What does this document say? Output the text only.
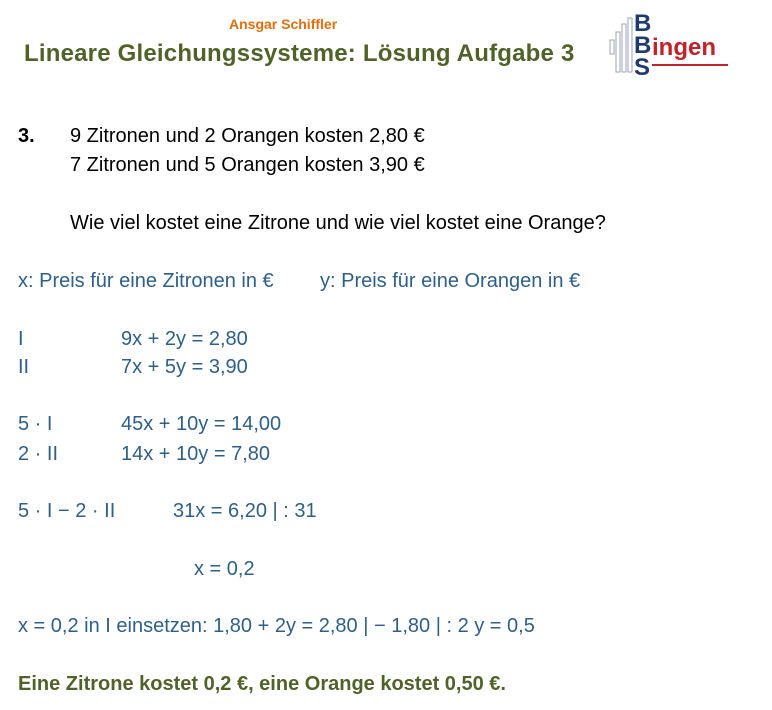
Ansgar Schiffler
Lineare Gleichungssysteme: Lösung Aufgabe 3
B
B
S
ingen
3. 9 Zitronen und 2 Orangen kosten 2,80 €
7 Zitronen und 5 Orangen kosten 3,90 €
Wie viel kostet eine Zitrone und wie viel kostet eine Orange?
x: Preis für eine Zitronen in € y: Preis für eine Orangen in €
I	9x + 2y = 2,80
II	7x + 5y = 3,90
5 · I	45x + 10y = 14,00
2 · II	14x + 10y = 7,80
5 · I − 2 · II	31x = 6,20 | : 31
x = 0,2
x = 0,2 in I einsetzen: 1,80 + 2y = 2,80 | − 1,80 | : 2 y = 0,5
Eine Zitrone kostet 0,2 €, eine Orange kostet 0,50 €.
